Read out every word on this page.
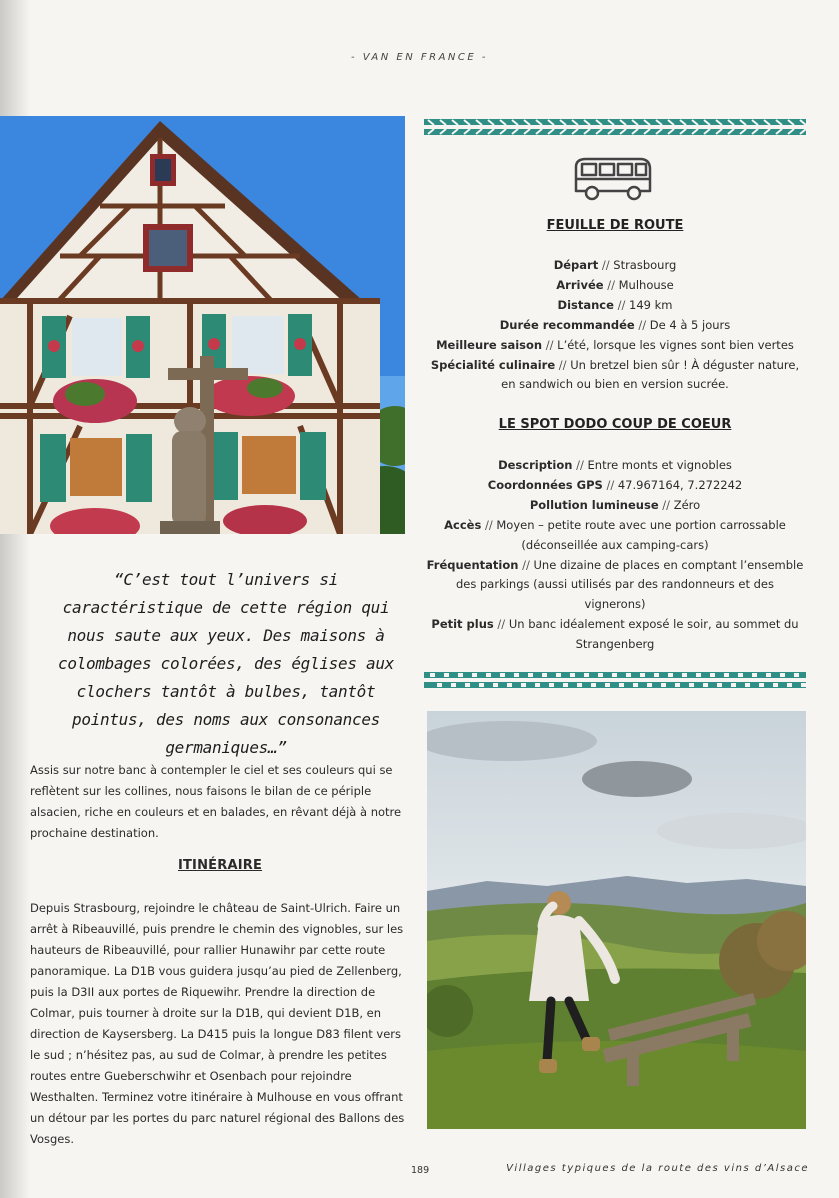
- VAN EN FRANCE -
“C’est tout l’univers si caractéristique de cette région qui nous saute aux yeux. Des maisons à colombages colorées, des églises aux clochers tantôt à bulbes, tantôt pointus, des noms aux consonances germaniques…”
Assis sur notre banc à contempler le ciel et ses couleurs qui se reflètent sur les collines, nous faisons le bilan de ce périple alsacien, riche en couleurs et en balades, en rêvant déjà à notre prochaine destination.
ITINÉRAIRE
Depuis Strasbourg, rejoindre le château de Saint-Ulrich. Faire un arrêt à Ribeauvillé, puis prendre le chemin des vignobles, sur les hauteurs de Ribeauvillé, pour rallier Hunawihr par cette route panoramique. La D1B vous guidera jusqu’au pied de Zellenberg, puis la D3II aux portes de Riquewihr. Prendre la direction de Colmar, puis tourner à droite sur la D1B, qui devient D1B, en direction de Kaysersberg. La D415 puis la longue D83 filent vers le sud ; n’hésitez pas, au sud de Colmar, à prendre les petites routes entre Gueberschwihr et Osenbach pour rejoindre Westhalten. Terminez votre itinéraire à Mulhouse en vous offrant un détour par les portes du parc naturel régional des Ballons des Vosges.
FEUILLE DE ROUTE
Départ // Strasbourg
Arrivée // Mulhouse
Distance // 149 km
Durée recommandée // De 4 à 5 jours
Meilleure saison // L’été, lorsque les vignes sont bien vertes
Spécialité culinaire // Un bretzel bien sûr ! À déguster nature, en sandwich ou bien en version sucrée.
LE SPOT DODO COUP DE COEUR
Description // Entre monts et vignobles
Coordonnées GPS // 47.967164, 7.272242
Pollution lumineuse // Zéro
Accès // Moyen – petite route avec une portion carrossable (déconseillée aux camping-cars)
Fréquentation // Une dizaine de places en comptant l’ensemble des parkings (aussi utilisés par des randonneurs et des vignerons)
Petit plus // Un banc idéalement exposé le soir, au sommet du Strangenberg
189	Villages typiques de la route des vins d’Alsace
